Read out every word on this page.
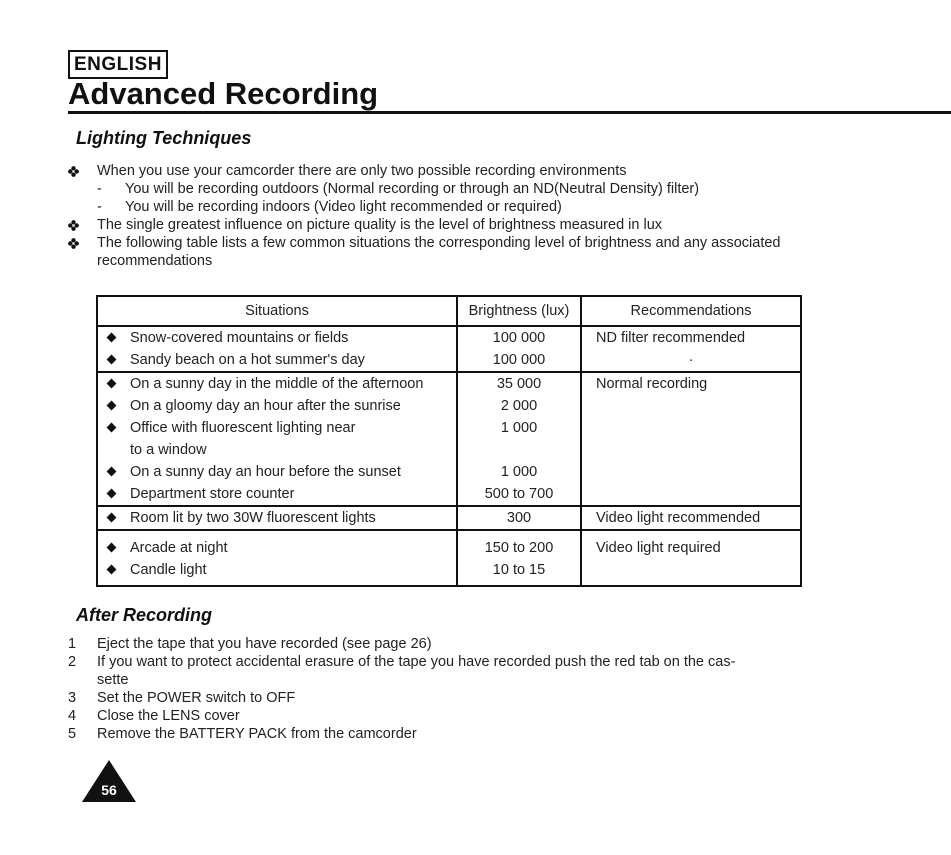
ENGLISH
Advanced Recording
Lighting Techniques
When you use your camcorder there are only two possible recording environments
- You will be recording outdoors (Normal recording or through an ND(Neutral Density) filter)
- You will be recording indoors (Video light recommended or required)
The single greatest influence on picture quality is the level of brightness measured in lux
The following table lists a few common situations the corresponding level of brightness and any associated
recommendations
Situations	Brightness (lux)	Recommendations

Snow-covered mountains or fields	100 000	ND filter recommended

Sandy beach on a hot summer's day	100 000	·

On a sunny day in the middle of the afternoon	35 000	Normal recording

On a gloomy day an hour after the sunrise	2 000	

Office with fluorescent lighting near
to a window	1 000	

On a sunny day an hour before the sunset	1 000	

Department store counter	500 to 700	

Room lit by two 30W fluorescent lights	300	Video light recommended

Arcade at night	150 to 200	Video light required

Candle light	10 to 15	
After Recording
1 Eject the tape that you have recorded (see page 26)
2 If you want to protect accidental erasure of the tape you have recorded push the red tab on the cas-
sette
3 Set the POWER switch to OFF
4 Close the LENS cover
5 Remove the BATTERY PACK from the camcorder
56
